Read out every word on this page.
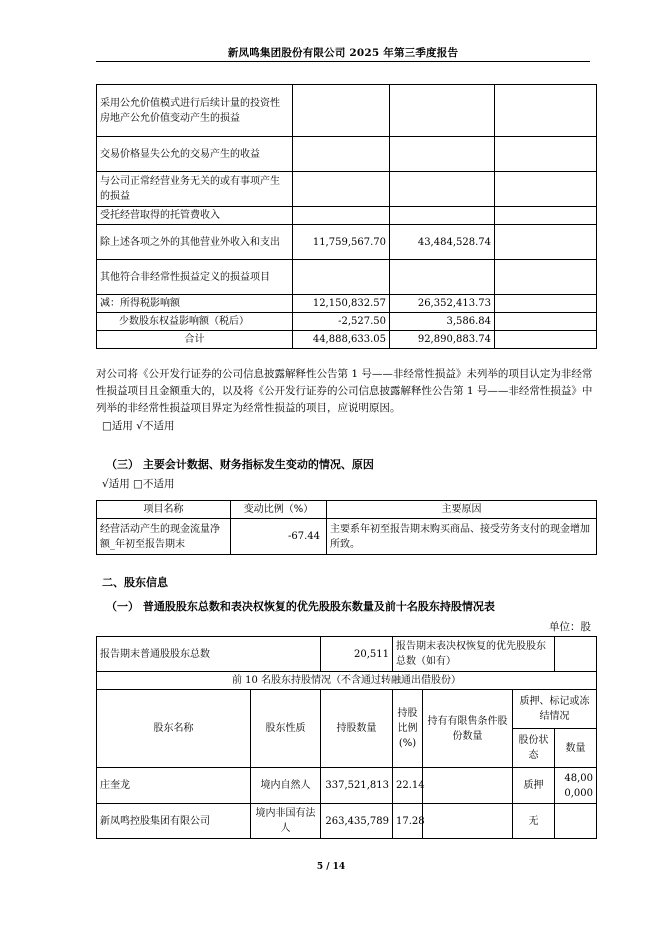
新凤鸣集团股份有限公司 2025 年第三季度报告
采用公允价值模式进行后续计量的投资性房地产公允价值变动产生的损益			
交易价格显失公允的交易产生的收益			
与公司正常经营业务无关的或有事项产生的损益			
受托经营取得的托管费收入			
除上述各项之外的其他营业外收入和支出	11,759,567.70	43,484,528.74	
其他符合非经常性损益定义的损益项目			
减：所得税影响额	12,150,832.57	26,352,413.73	
少数股东权益影响额（税后）	-2,527.50	3,586.84	
合计	44,888,633.05	92,890,883.74	
对公司将《公开发行证券的公司信息披露解释性公告第 1 号——非经常性损益》未列举的项目认定为非经常性损益项目且金额重大的，以及将《公开发行证券的公司信息披露解释性公告第 1 号——非经常性损益》中列举的非经常性损益项目界定为经常性损益的项目，应说明原因。
□适用 √不适用
（三） 主要会计数据、财务指标发生变动的情况、原因
√适用 □不适用
项目名称	变动比例（%）	主要原因
经营活动产生的现金流量净额_年初至报告期末	-67.44	主要系年初至报告期末购买商品、接受劳务支付的现金增加所致。
二、股东信息
（一） 普通股股东总数和表决权恢复的优先股股东数量及前十名股东持股情况表
单位：股
报告期末普通股股东总数		20,511	报告期末表决权恢复的优先股股东总数（如有）			
前 10 名股东持股情况（不含通过转融通出借股份）						
股东名称	股东性质	持股数量	持股比例(%)	持有有限售条件股份数量	质押、标记或冻结情况	
					股份状态	数量
庄奎龙	境内自然人	337,521,813	22.14		质押	48,000,000
新凤鸣控股集团有限公司	境内非国有法人	263,435,789	17.28		无	
5 / 14
